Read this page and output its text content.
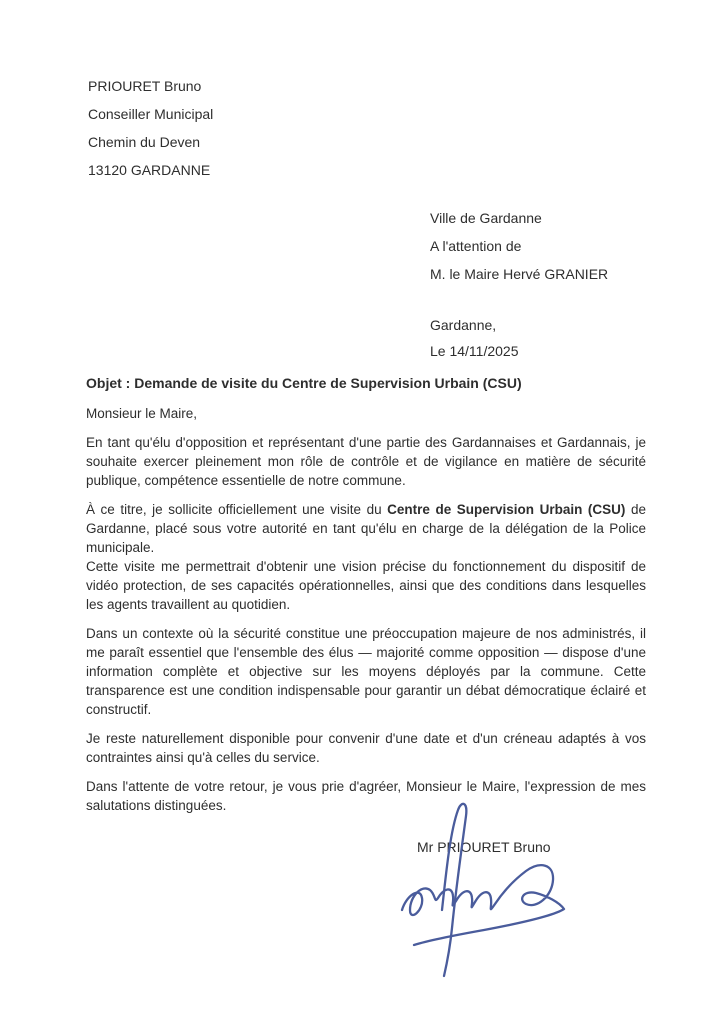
PRIOURET Bruno
Conseiller Municipal
Chemin du Deven
13120 GARDANNE
Ville de Gardanne
A l'attention de
M. le Maire Hervé GRANIER
Gardanne,
Le 14/11/2025
Objet : Demande de visite du Centre de Supervision Urbain (CSU)

Monsieur le Maire,

En tant qu'élu d'opposition et représentant d'une partie des Gardannaises et Gardannais, je souhaite exercer pleinement mon rôle de contrôle et de vigilance en matière de sécurité publique, compétence essentielle de notre commune.

À ce titre, je sollicite officiellement une visite du Centre de Supervision Urbain (CSU) de Gardanne, placé sous votre autorité en tant qu'élu en charge de la délégation de la Police municipale.

Cette visite me permettrait d'obtenir une vision précise du fonctionnement du dispositif de vidéo protection, de ses capacités opérationnelles, ainsi que des conditions dans lesquelles les agents travaillent au quotidien.

Dans un contexte où la sécurité constitue une préoccupation majeure de nos administrés, il me paraît essentiel que l'ensemble des élus — majorité comme opposition — dispose d'une information complète et objective sur les moyens déployés par la commune. Cette transparence est une condition indispensable pour garantir un débat démocratique éclairé et constructif.

Je reste naturellement disponible pour convenir d'une date et d'un créneau adaptés à vos contraintes ainsi qu'à celles du service.

Dans l'attente de votre retour, je vous prie d'agréer, Monsieur le Maire, l'expression de mes salutations distinguées.

Mr PRIOURET Bruno
